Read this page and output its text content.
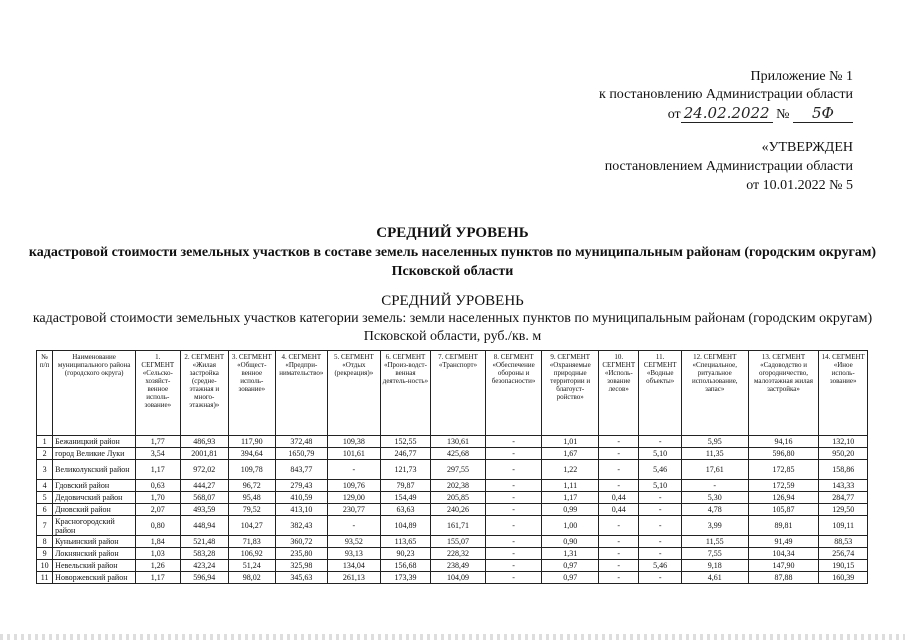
Приложение № 1
к постановлению Администрации области
от 24.02.2022 № 5Ф
«УТВЕРЖДЕН
постановлением Администрации области
от 10.01.2022 № 5
СРЕДНИЙ УРОВЕНЬ
кадастровой стоимости земельных участков в составе земель населенных пунктов по муниципальным районам (городским округам) Псковской области
СРЕДНИЙ УРОВЕНЬ
кадастровой стоимости земельных участков категории земель: земли населенных пунктов по муниципальным районам (городским округам) Псковской области, руб./кв. м
№ п/п	Наименование муниципального района (городского округа)	1. СЕГМЕНТ «Сельско-хозяйст-венное исполь-зование»	2. СЕГМЕНТ «Жилая застройка (средне-этажная и много-этажная)»	3. СЕГМЕНТ «Общест-венное исполь-зование»	4. СЕГМЕНТ «Предпри-нимательство»	5. СЕГМЕНТ «Отдых (рекреация)»	6. СЕГМЕНТ «Произ-водст-венная деятель-ность»	7. СЕГМЕНТ «Транспорт»	8. СЕГМЕНТ «Обеспечение обороны и безопасности»	9. СЕГМЕНТ «Охраняемые природные территории и благоуст-ройство»	10. СЕГМЕНТ «Исполь-зование лесов»	11. СЕГМЕНТ «Водные объекты»	12. СЕГМЕНТ «Специальное, ритуальное использование, запас»	13. СЕГМЕНТ «Садоводство и огородничество, малоэтажная жилая застройка»	14. СЕГМЕНТ «Иное исполь-зование»
1	Бежаницкий район	1,77	486,93	117,90	372,48	109,38	152,55	130,61	-	1,01	-	-	5,95	94,16	132,10
2	город Великие Луки	3,54	2001,81	394,64	1650,79	101,61	246,77	425,68	-	1,67	-	5,10	11,35	596,80	950,20
3	Великолукский район	1,17	972,02	109,78	843,77	-	121,73	297,55	-	1,22	-	5,46	17,61	172,85	158,86
4	Гдовский район	0,63	444,27	96,72	279,43	109,76	79,87	202,38	-	1,11	-	5,10	-	172,59	143,33
5	Дедовичский район	1,70	568,07	95,48	410,59	129,00	154,49	205,85	-	1,17	0,44	-	5,30	126,94	284,77
6	Дновский район	2,07	493,59	79,52	413,10	230,77	63,63	240,26	-	0,99	0,44	-	4,78	105,87	129,50
7	Красногородский район	0,80	448,94	104,27	382,43	-	104,89	161,71	-	1,00	-	-	3,99	89,81	109,11
8	Куньинский район	1,84	521,48	71,83	360,72	93,52	113,65	155,07	-	0,90	-	-	11,55	91,49	88,53
9	Локнянский район	1,03	583,28	106,92	235,80	93,13	90,23	228,32	-	1,31	-	-	7,55	104,34	256,74
10	Невельский район	1,26	423,24	51,24	325,98	134,04	156,68	238,49	-	0,97	-	5,46	9,18	147,90	190,15
11	Новоржевский район	1,17	596,94	98,02	345,63	261,13	173,39	104,09	-	0,97	-	-	4,61	87,88	160,39
